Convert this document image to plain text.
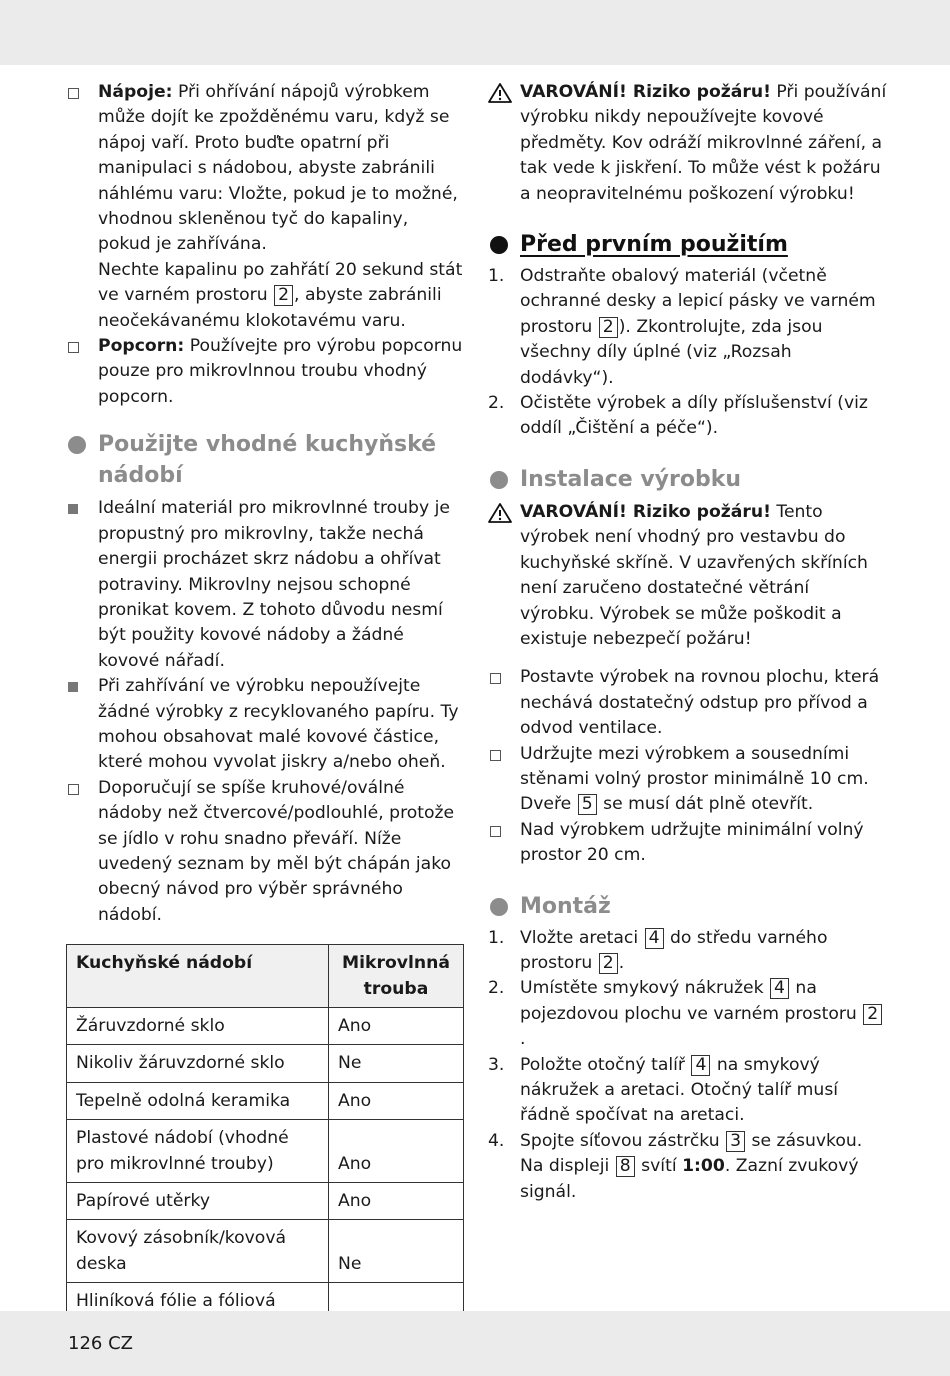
Nápoje: Při ohřívání nápojů výrobkem může dojít ke zpožděnému varu, když se nápoj vaří. Proto buďte opatrní při manipulaci s nádobou, abyste zabránili náhlému varu: Vložte, pokud je to možné, vhodnou skleněnou tyč do kapaliny, pokud je zahřívána.
Nechte kapalinu po zahřátí 20 sekund stát ve varném prostoru 2 , abyste zabránili neočekávanému klokotavému varu.
Popcorn: Používejte pro výrobu popcornu pouze pro mikrovlnnou troubu vhodný popcorn.
Použijte vhodné kuchyňské nádobí
Ideální materiál pro mikrovlnné trouby je propustný pro mikrovlny, takže nechá energii procházet skrz nádobu a ohřívat potraviny. Mikrovlny nejsou schopné pronikat kovem. Z tohoto důvodu nesmí být použity kovové nádoby a žádné kovové nářadí.
Při zahřívání ve výrobku nepoužívejte žádné výrobky z recyklovaného papíru. Ty mohou obsahovat malé kovové částice, které mohou vyvolat jiskry a/nebo oheň.
Doporučují se spíše kruhové/oválné nádoby než čtvercové/podlouhlé, protože se jídlo v rohu snadno převáří. Níže uvedený seznam by měl být chápán jako obecný návod pro výběr správného nádobí.
Kuchyňské nádobí	Mikrovlnná trouba
Žáruvzdorné sklo	Ano
Nikoliv žáruvzdorné sklo	Ne
Tepelně odolná keramika	Ano
Plastové nádobí (vhodné pro mikrovlnné trouby)	Ano
Papírové utěrky	Ano
Kovový zásobník/kovová deska	Ne
Hliníková fólie a fóliová	
VAROVÁNÍ! Riziko požáru! Při používání výrobku nikdy nepoužívejte kovové předměty. Kov odráží mikrovlnné záření, a tak vede k jiskření. To může vést k požáru a neopravitelnému poškození výrobku!
Před prvním použitím
1. Odstraňte obalový materiál (včetně ochranné desky a lepicí pásky ve varném prostoru 2 ). Zkontrolujte, zda jsou všechny díly úplné (viz „Rozsah dodávky“).
2. Očistěte výrobek a díly příslušenství (viz oddíl „Čištění a péče“).
Instalace výrobku
VAROVÁNÍ! Riziko požáru! Tento výrobek není vhodný pro vestavbu do kuchyňské skříně. V uzavřených skříních není zaručeno dostatečné větrání výrobku. Výrobek se může poškodit a existuje nebezpečí požáru!
Postavte výrobek na rovnou plochu, která nechává dostatečný odstup pro přívod a odvod ventilace.
Udržujte mezi výrobkem a sousedními stěnami volný prostor minimálně 10 cm. Dveře 5 se musí dát plně otevřít.
Nad výrobkem udržujte minimální volný prostor 20 cm.
Montáž
1. Vložte aretaci 4 do středu varného prostoru 2 .
2. Umístěte smykový nákružek 4 na pojezdovou plochu ve varném prostoru 2.
3. Položte otočný talíř 4 na smykový nákružek a aretaci. Otočný talíř musí řádně spočívat na aretaci.
4. Spojte síťovou zástrčku 3 se zásuvkou. Na displeji 8 svítí 1:00. Zazní zvukový signál.
126 CZ
